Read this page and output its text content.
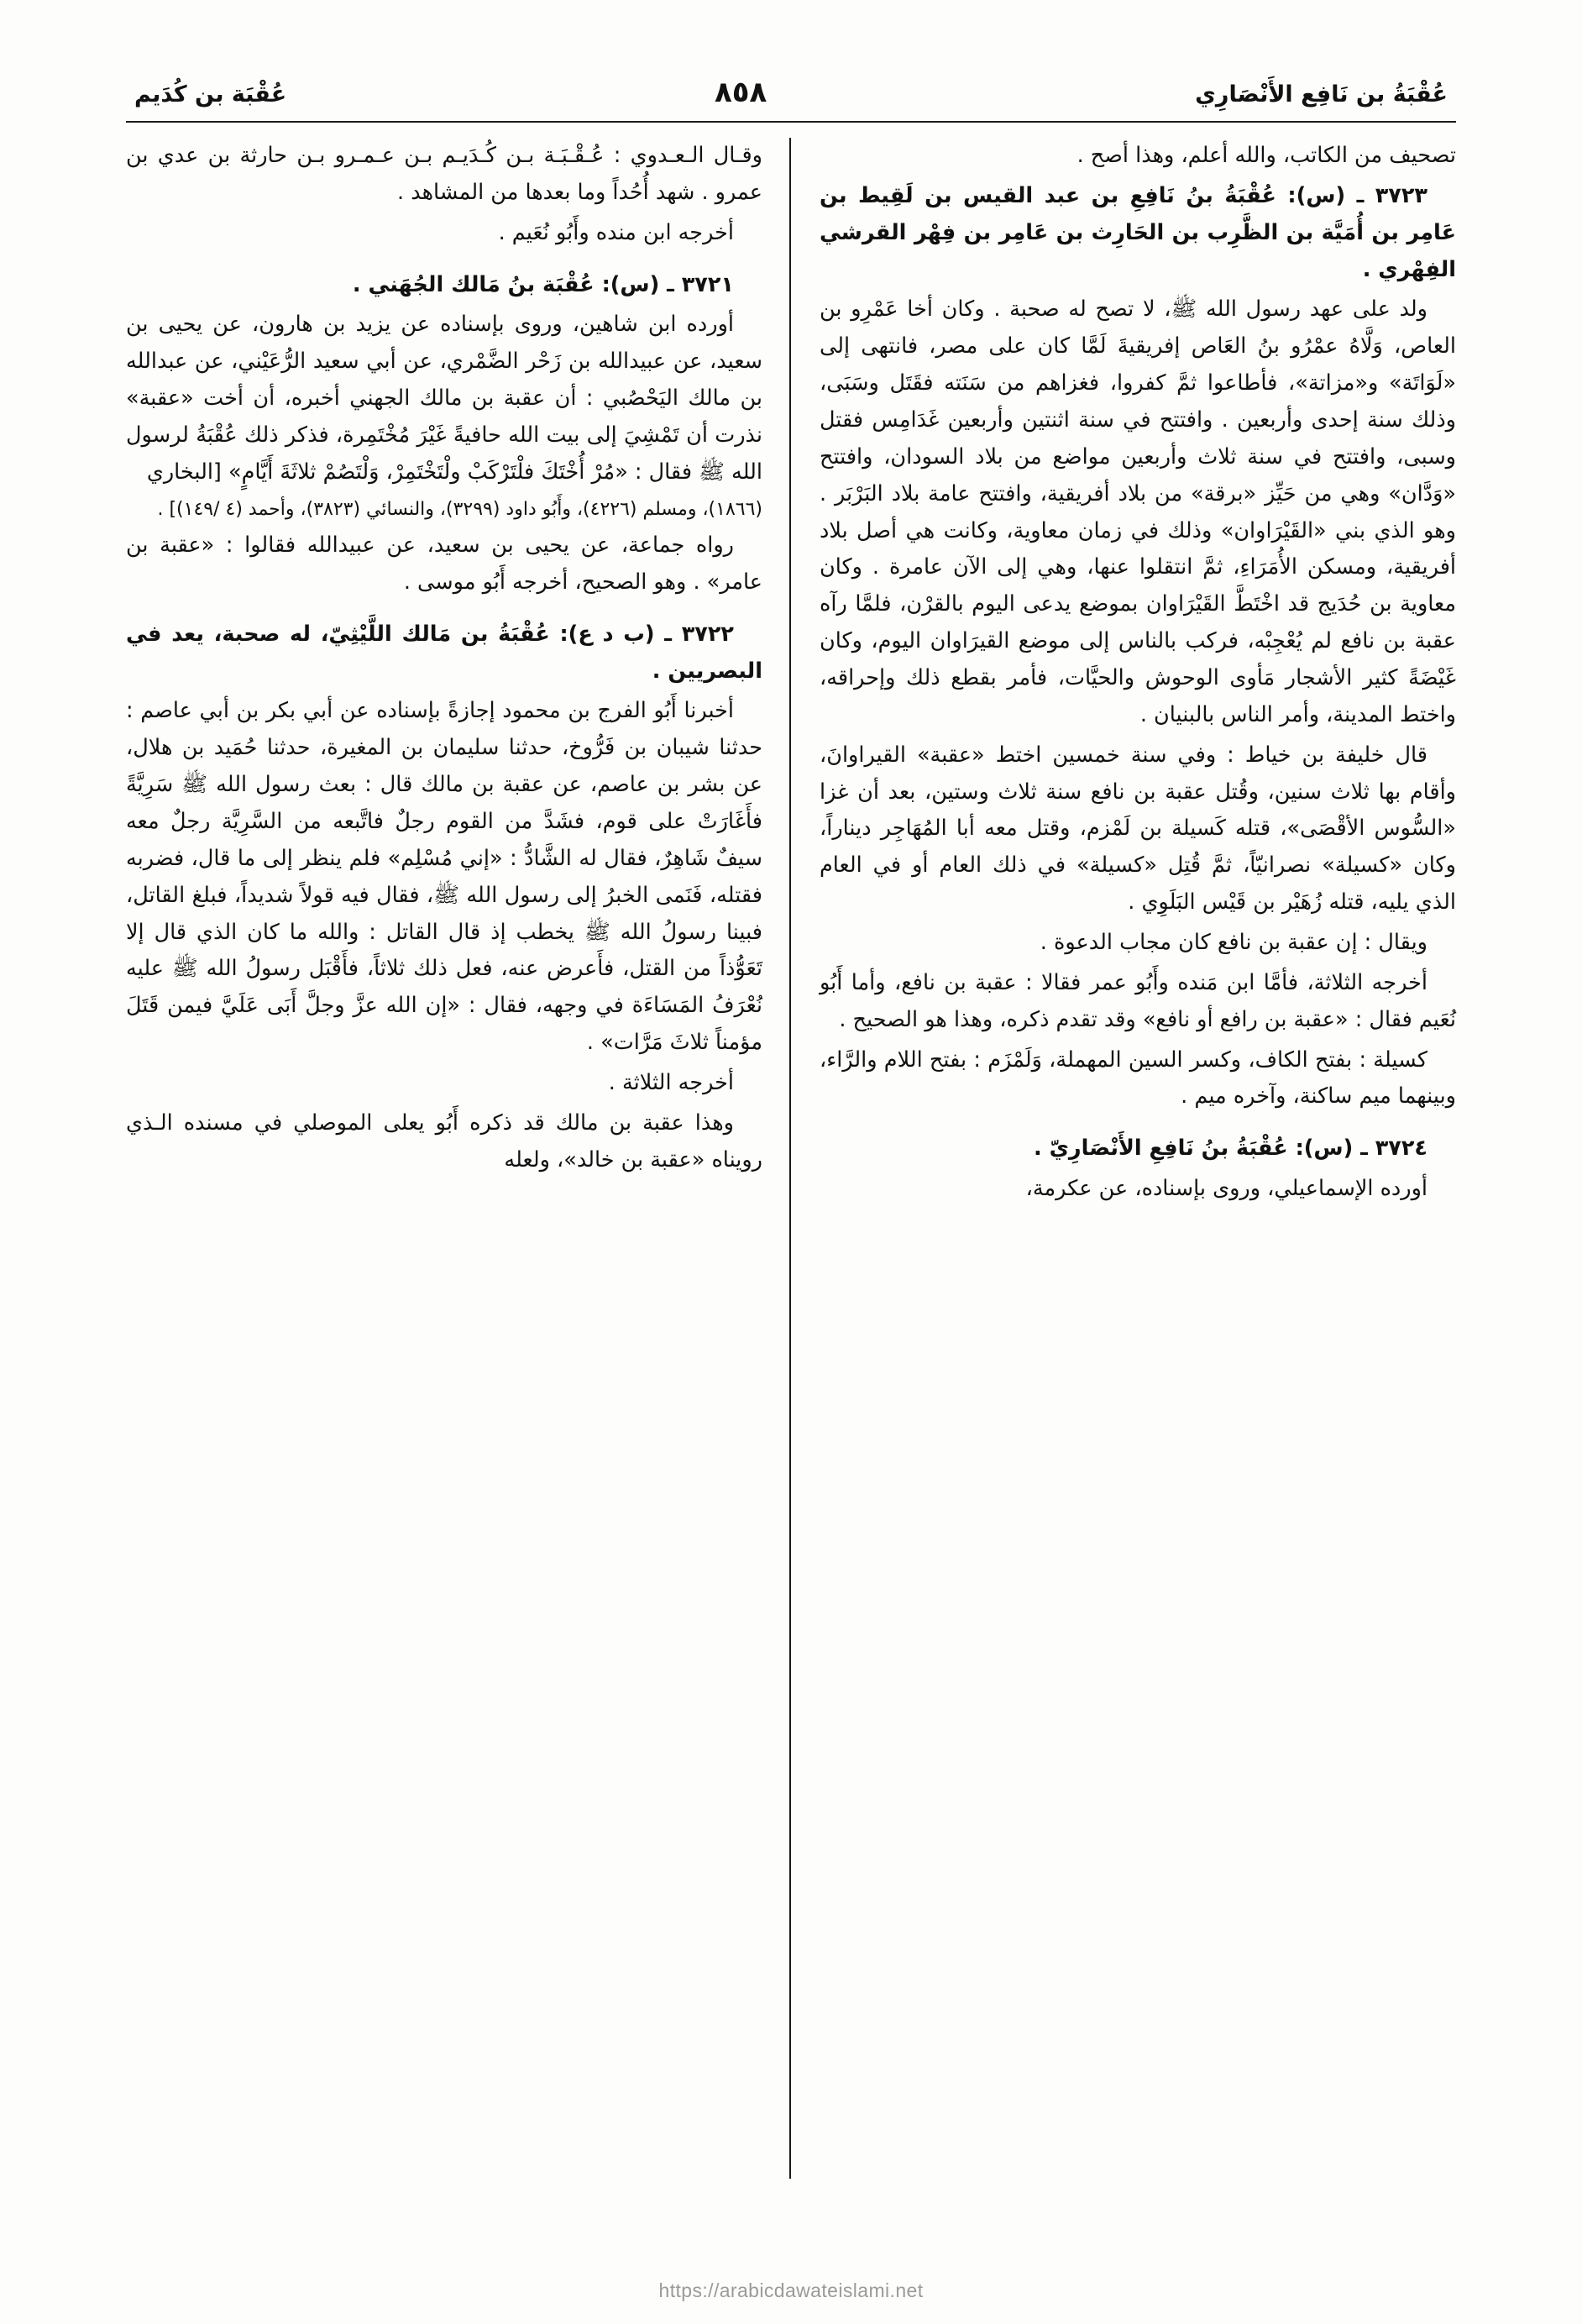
عُقْبَةُ بن نَافِع الأَنْصَارِي
٨٥٨
عُقْبَة بن كُدَيم

تصحيف من الكاتب، والله أعلم، وهذا أصح .

٣٧٢٣ ـ (س): عُقْبَةُ بنُ نَافِعِ بن عبد القيس بن لَقِيط بن عَامِر بن أُمَيَّة بن الظَّرِب بن الحَارِث بن عَامِر بن فِهْر القرشي الفِهْري .

ولد على عهد رسول الله ﷺ، لا تصح له صحبة . وكان أخا عَمْرِو بن العاص، وَلَّاهُ عمْرُو بنُ العَاص إفريقيةَ لَمَّا كان على مصر، فانتهى إلى «لَوَاتَة» و«مزاتة»، فأطاعوا ثمَّ كفروا، فغزاهم من سَنَته فقَتَل وسَبَى، وذلك سنة إحدى وأربعين . وافتتح في سنة اثنتين وأربعين غَدَامِس فقتل وسبى، وافتتح في سنة ثلاث وأربعين مواضع من بلاد السودان، وافتتح «وَدَّان» وهي من حَيِّز «برقة» من بلاد أفريقية، وافتتح عامة بلاد البَرْبَر . وهو الذي بني «القَيْرَاوان» وذلك في زمان معاوية، وكانت هي أصل بلاد أفريقية، ومسكن الأُمَرَاءِ، ثمَّ انتقلوا عنها، وهي إلى الآن عامرة . وكان معاوية بن حُدَيج قد اخْتَطَّ القَيْرَاوان بموضع يدعى اليوم بالقرْن، فلمَّا رآه عقبة بن نافع لم يُعْجِبْه، فركب بالناس إلى موضع القيرَاوان اليوم، وكان غَيْضَةً كثير الأشجار مَأوى الوحوش والحيَّات، فأمر بقطع ذلك وإحراقه، واختط المدينة، وأمر الناس بالبنيان .

قال خليفة بن خياط : وفي سنة خمسين اختط «عقبة» القيراوانَ، وأقام بها ثلاث سنين، وقُتل عقبة بن نافع سنة ثلاث وستين، بعد أن غزا «السُّوس الأقْصَى»، قتله كَسيلة بن لَمْزم، وقتل معه أبا المُهَاجِر ديناراً، وكان «كسيلة» نصرانيّاً، ثمَّ قُتِل «كسيلة» في ذلك العام أو في العام الذي يليه، قتله زُهَيْر بن قَيْس البَلَوِي .

ويقال : إن عقبة بن نافع كان مجاب الدعوة .

أخرجه الثلاثة، فأمَّا ابن مَنده وأَبُو عمر فقالا : عقبة بن نافع، وأما أَبُو نُعَيم فقال : «عقبة بن رافع أو نافع» وقد تقدم ذكره، وهذا هو الصحيح .

كسيلة : بفتح الكاف، وكسر السين المهملة، وَلَمْزَم : بفتح اللام والرَّاء، وبينهما ميم ساكنة، وآخره ميم .

٣٧٢٤ ـ (س): عُقْبَةُ بنُ نَافِعِ الأَنْصَارِيّ .

أورده الإسماعيلي، وروى بإسناده، عن عكرمة،

وقـال الـعـدوي : عُـقْـبَـة بـن كُـدَيـم بـن عـمـرو بـن حارثة بن عدي بن عمرو . شهد أُحُداً وما بعدها من المشاهد .

أخرجه ابن منده وأَبُو نُعَيم .

٣٧٢١ ـ (س): عُقْبَة بنُ مَالك الجُهَني .

أورده ابن شاهين، وروى بإسناده عن يزيد بن هارون، عن يحيى بن سعيد، عن عبيدالله بن زَحْر الضَّمْري، عن أبي سعيد الرُّعَيْني، عن عبدالله بن مالك اليَحْصُبي : أن عقبة بن مالك الجهني أخبره، أن أخت «عقبة» نذرت أن تَمْشِيَ إلى بيت الله حافيةً غَيْرَ مُخْتَمِرة، فذكر ذلك عُقْبَةُ لرسول الله ﷺ فقال : «مُرْ أُخْتَكَ فلْتَرْكَبْ ولْتَخْتَمِرْ، وَلْتَصُمْ ثلاثَةَ أَيَّامٍ» [البخاري

(١٨٦٦)، ومسلم (٤٢٢٦)، وأَبُو داود (٣٢٩٩)، والنسائي (٣٨٢٣)، وأحمد (٤ /١٤٩)] .

رواه جماعة، عن يحيى بن سعيد، عن عبيدالله فقالوا : «عقبة بن عامر» . وهو الصحيح، أخرجه أَبُو موسى .

٣٧٢٢ ـ (ب د ع): عُقْبَةُ بن مَالك اللَّيْثِيّ، له صحبة، يعد في البصريين .

أخبرنا أَبُو الفرج بن محمود إجازةً بإسناده عن أبي بكر بن أبي عاصم : حدثنا شيبان بن فَرُّوخ، حدثنا سليمان بن المغيرة، حدثنا حُمَيد بن هلال، عن بشر بن عاصم، عن عقبة بن مالك قال : بعث رسول الله ﷺ سَرِيَّةً فأَغَارَتْ على قوم، فشَدَّ من القوم رجلٌ فاتَّبعه من السَّرِيَّة رجلٌ معه سيفٌ شَاهِرٌ، فقال له الشَّادُّ : «إني مُسْلِم» فلم ينظر إلى ما قال، فضربه فقتله، فَنَمى الخبرُ إلى رسول الله ﷺ، فقال فيه قولاً شديداً، فبلغ القاتل، فبينا رسولُ الله ﷺ يخطب إذ قال القاتل : والله ما كان الذي قال إلا تَعَوُّذاً من القتل، فأَعرض عنه، فعل ذلك ثلاثاً، فأَقْبَل رسولُ الله ﷺ عليه نُعْرَفُ المَسَاءَة في وجهه، فقال : «إن الله عزَّ وجلَّ أَبَى عَلَيَّ فيمن قَتَلَ مؤمناً ثلاثَ مَرَّات» .

أخرجه الثلاثة .

وهذا عقبة بن مالك قد ذكره أَبُو يعلى الموصلي في مسنده الـذي رويناه «عقبة بن خالد»، ولعله

https://arabicdawateislami.net
